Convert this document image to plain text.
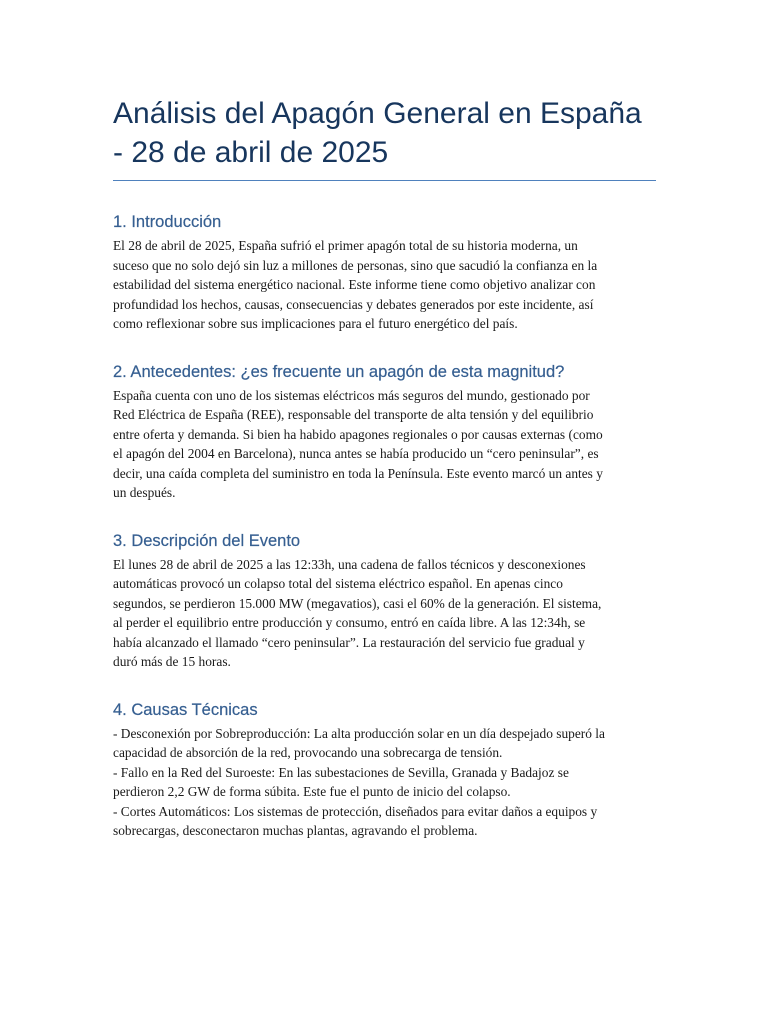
Análisis del Apagón General en España - 28 de abril de 2025
1. Introducción

El 28 de abril de 2025, España sufrió el primer apagón total de su historia moderna, un
suceso que no solo dejó sin luz a millones de personas, sino que sacudió la confianza en la
estabilidad del sistema energético nacional. Este informe tiene como objetivo analizar con
profundidad los hechos, causas, consecuencias y debates generados por este incidente, así
como reflexionar sobre sus implicaciones para el futuro energético del país.

2. Antecedentes: ¿es frecuente un apagón de esta magnitud?

España cuenta con uno de los sistemas eléctricos más seguros del mundo, gestionado por
Red Eléctrica de España (REE), responsable del transporte de alta tensión y del equilibrio
entre oferta y demanda. Si bien ha habido apagones regionales o por causas externas (como
el apagón del 2004 en Barcelona), nunca antes se había producido un “cero peninsular”, es
decir, una caída completa del suministro en toda la Península. Este evento marcó un antes y
un después.

3. Descripción del Evento

El lunes 28 de abril de 2025 a las 12:33h, una cadena de fallos técnicos y desconexiones
automáticas provocó un colapso total del sistema eléctrico español. En apenas cinco
segundos, se perdieron 15.000 MW (megavatios), casi el 60% de la generación. El sistema,
al perder el equilibrio entre producción y consumo, entró en caída libre. A las 12:34h, se
había alcanzado el llamado “cero peninsular”. La restauración del servicio fue gradual y
duró más de 15 horas.

4. Causas Técnicas

- Desconexión por Sobreproducción: La alta producción solar en un día despejado superó la
capacidad de absorción de la red, provocando una sobrecarga de tensión.
- Fallo en la Red del Suroeste: En las subestaciones de Sevilla, Granada y Badajoz se
perdieron 2,2 GW de forma súbita. Este fue el punto de inicio del colapso.
- Cortes Automáticos: Los sistemas de protección, diseñados para evitar daños a equipos y
sobrecargas, desconectaron muchas plantas, agravando el problema.
